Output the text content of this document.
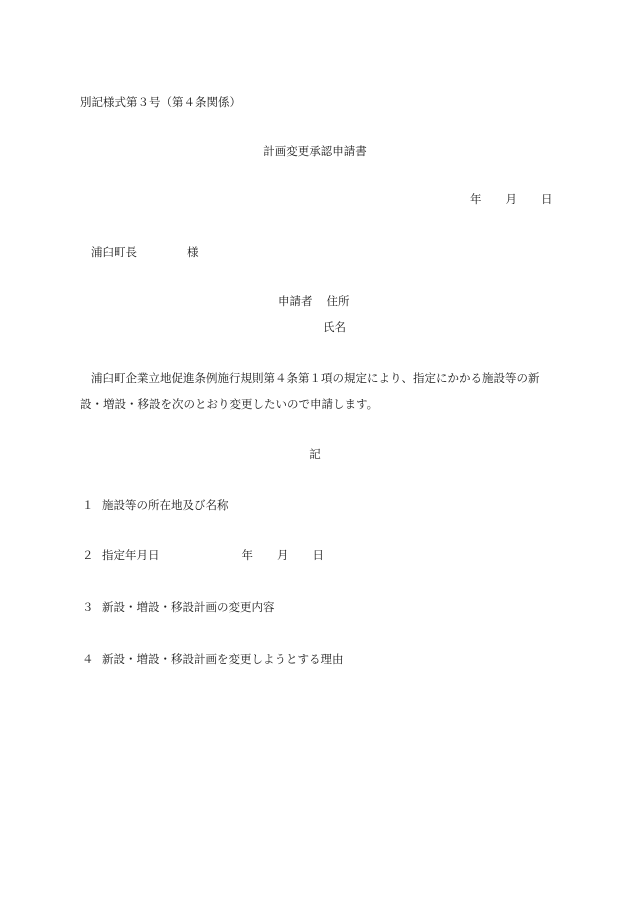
別記様式第３号（第４条関係）
計画変更承認申請書
年 月 日
浦臼町長	様
申請者 住所
氏名
浦臼町企業立地促進条例施行規則第４条第１項の規定により、指定にかかる施設等の新
設・増設・移設を次のとおり変更したいので申請します。
記
１ 施設等の所在地及び名称
２ 指定年月日	年 月 日
３ 新設・増設・移設計画の変更内容
４ 新設・増設・移設計画を変更しようとする理由
